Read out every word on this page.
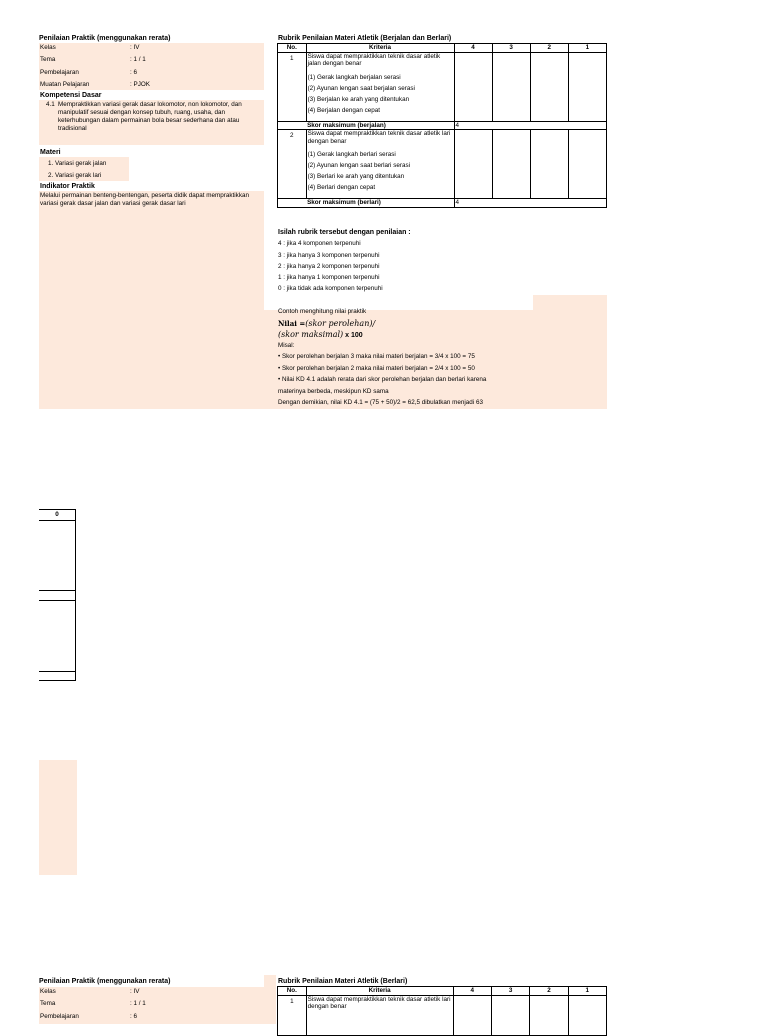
Penilaian Praktik (menggunakan rerata)
Kelas	: IV
Tema	: 1 / 1
Pembelajaran	: 6
Muatan Pelajaran	: PJOK
Kompetensi Dasar
4.1 Mempraktikkan variasi gerak dasar lokomotor, non lokomotor, dan manipulatif sesuai dengan konsep tubuh, ruang, usaha, dan keterhubungan dalam permainan bola besar sederhana dan atau tradisional
Materi
1. Variasi gerak jalan
2. Variasi gerak lari
Indikator Praktik
Melalui permainan benteng-bentengan, peserta didik dapat mempraktikkan variasi gerak dasar jalan dan variasi gerak dasar lari
Rubrik Penilaian Materi Atletik (Berjalan dan Berlari)
No.	Kriteria	4	3	2	1
1	Siswa dapat mempraktikkan teknik dasar atletik jalan dengan benar
(1) Gerak langkah berjalan serasi
(2) Ayunan lengan saat berjalan serasi
(3) Berjalan ke arah yang ditentukan
(4) Berjalan dengan cepat				

	Skor maksimum (berjalan)	4			
2	Siswa dapat mempraktikkan teknik dasar atletik lari dengan benar
(1) Gerak langkah berlari serasi
(2) Ayunan lengan saat berlari serasi
(3) Berlari ke arah yang ditentukan
(4) Berlari dengan cepat				

	Skor maksimum (berlari)	4			
Isilah rubrik tersebut dengan penilaian :
4 : jika 4 komponen terpenuhi
3 : jika hanya 3 komponen terpenuhi
2 : jika hanya 2 komponen terpenuhi
1 : jika hanya 1 komponen terpenuhi
0 : jika tidak ada komponen terpenuhi
Contoh menghitung nilai praktik
Nilai =(skor perolehan)/
(skor maksimal) x 100
Misal:
• Skor perolehan berjalan 3 maka nilai materi berjalan = 3/4 x 100 = 75
• Skor perolehan berjalan 2 maka nilai materi berjalan = 2/4 x 100 = 50
• Nilai KD 4.1 adalah rerata dari skor perolehan berjalan dan berlari karena
materinya berbeda, meskipun KD sama
Dengan demikian, nilai KD 4.1 = (75 + 50)/2 = 62,5 dibulatkan menjadi 63
0
Penilaian Praktik (menggunakan rerata)
Kelas	: IV
Tema	: 1 / 1
Pembelajaran	: 6
Rubrik Penilaian Materi Atletik (Berlari)
No.	Kriteria	4	3	2	1
1	Siswa dapat mempraktikkan teknik dasar atletik lari dengan benar				
